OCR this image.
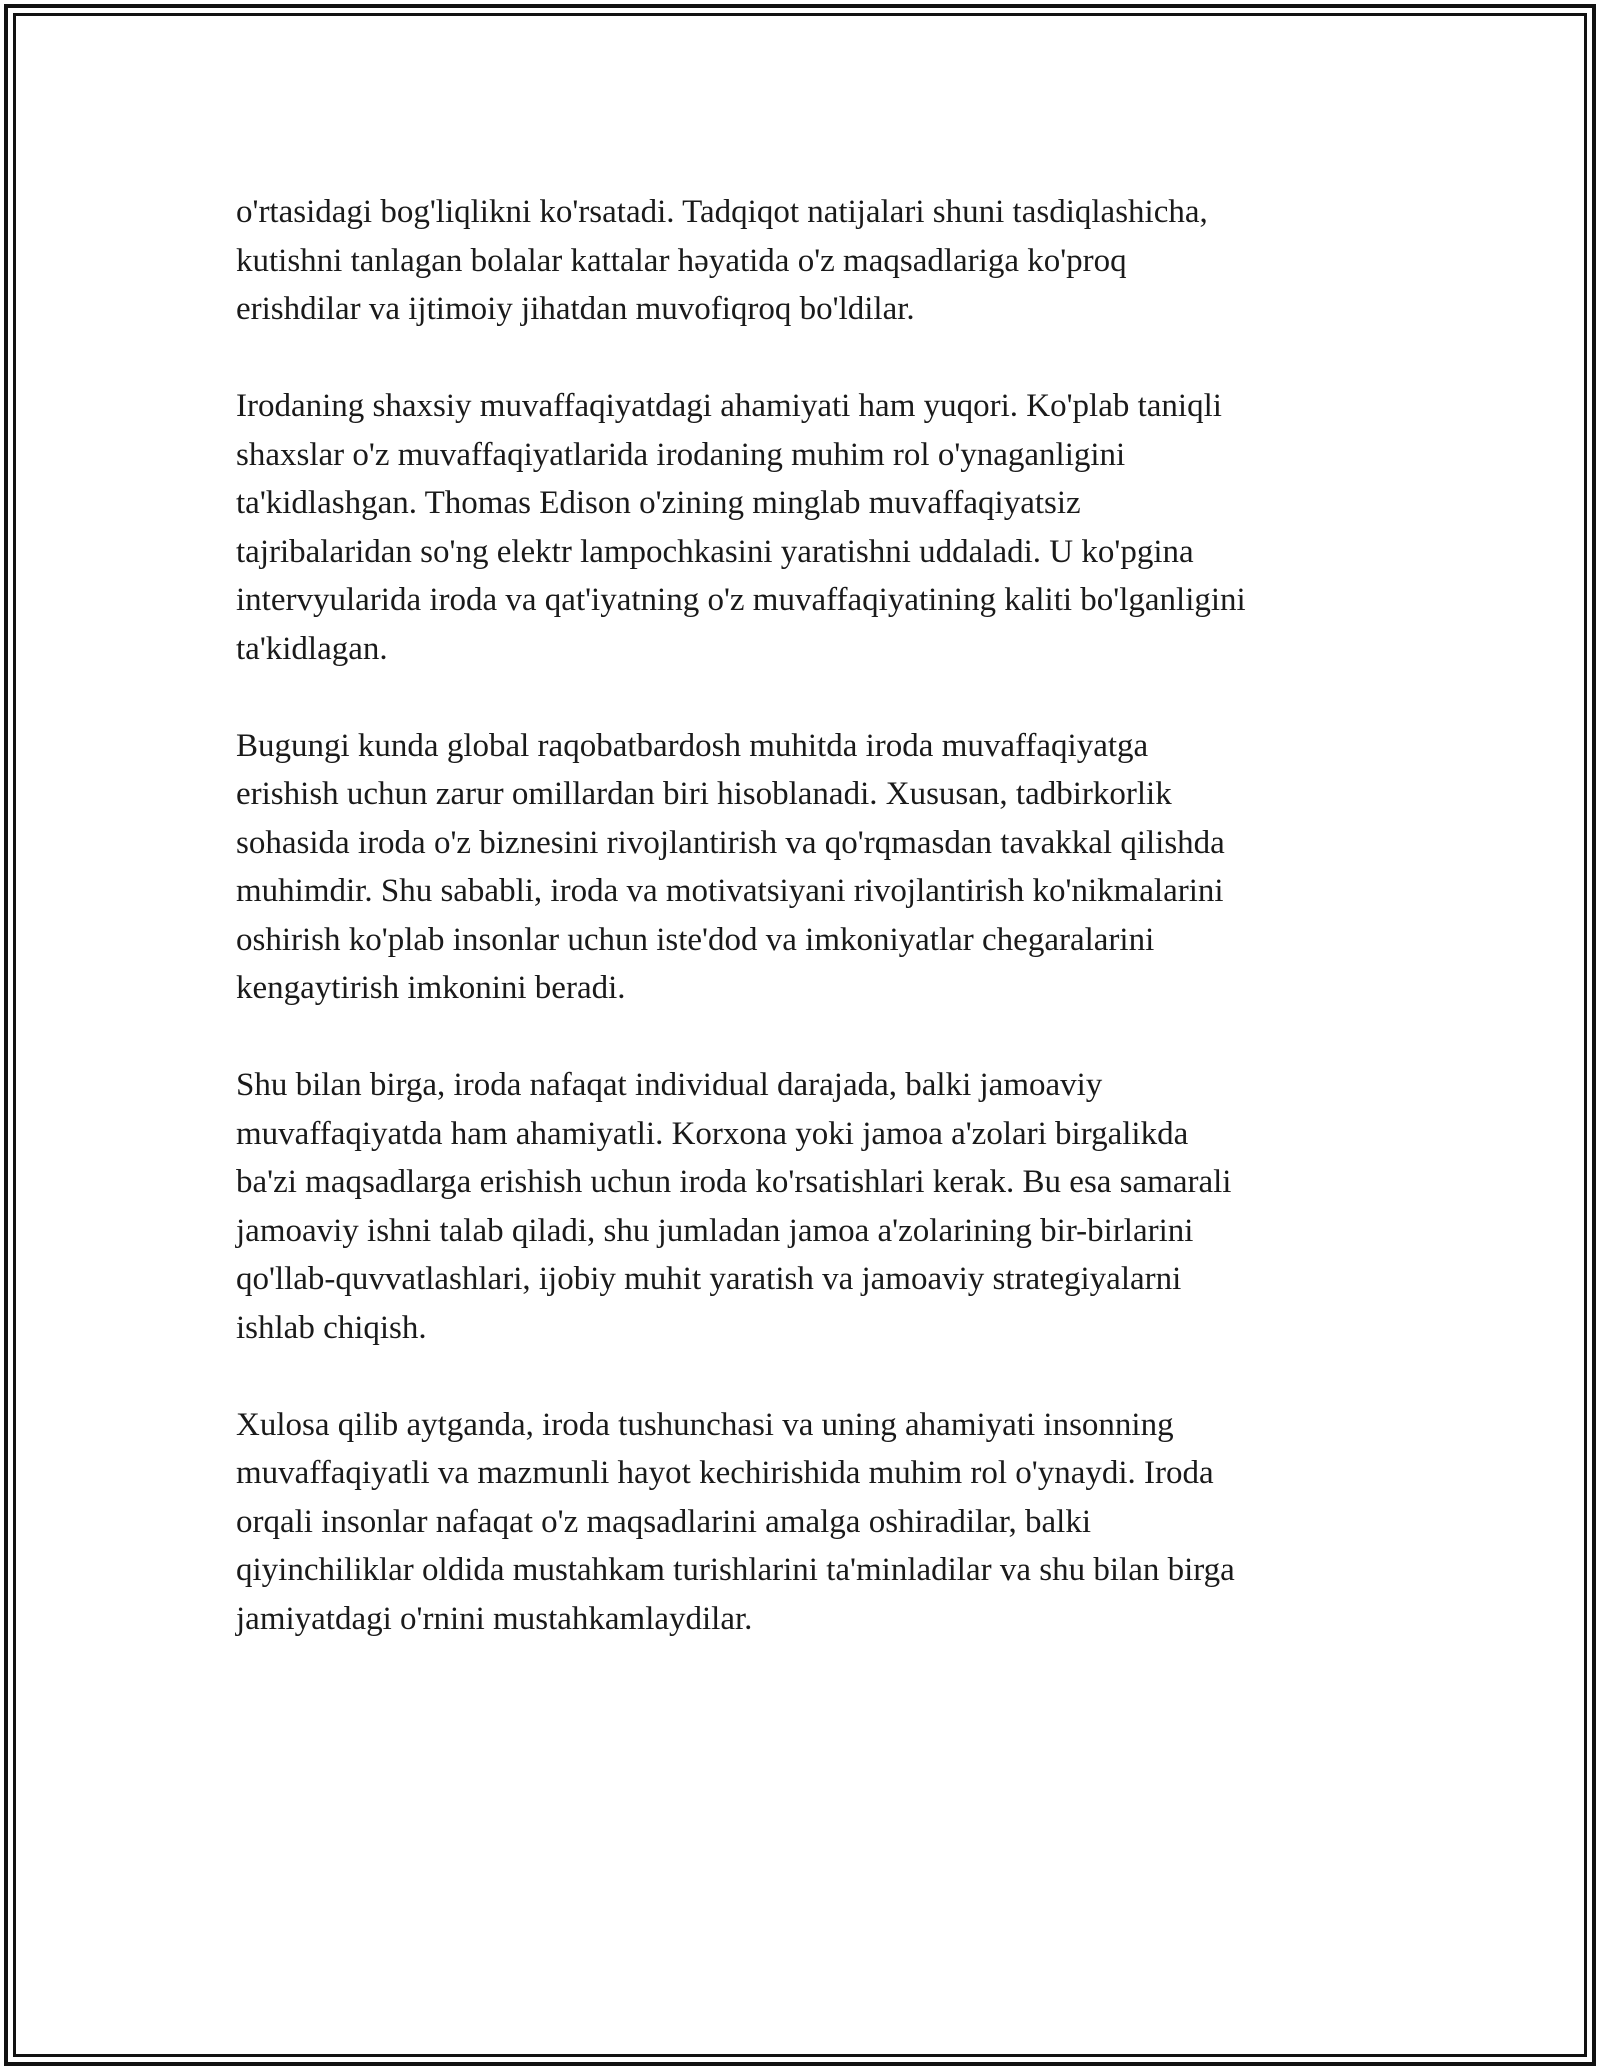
o'rtasidagi bog'liqlikni ko'rsatadi. Tadqiqot natijalari shuni tasdiqlashicha,
kutishni tanlagan bolalar kattalar həyatida o'z maqsadlariga ko'proq
erishdilar va ijtimoiy jihatdan muvofiqroq bo'ldilar.

Irodaning shaxsiy muvaffaqiyatdagi ahamiyati ham yuqori. Ko'plab taniqli
shaxslar o'z muvaffaqiyatlarida irodaning muhim rol o'ynaganligini
ta'kidlashgan. Thomas Edison o'zining minglab muvaffaqiyatsiz
tajribalaridan so'ng elektr lampochkasini yaratishni uddaladi. U ko'pgina
intervyularida iroda va qat'iyatning o'z muvaffaqiyatining kaliti bo'lganligini
ta'kidlagan.

Bugungi kunda global raqobatbardosh muhitda iroda muvaffaqiyatga
erishish uchun zarur omillardan biri hisoblanadi. Xususan, tadbirkorlik
sohasida iroda o'z biznesini rivojlantirish va qo'rqmasdan tavakkal qilishda
muhimdir. Shu sababli, iroda va motivatsiyani rivojlantirish ko'nikmalarini
oshirish ko'plab insonlar uchun iste'dod va imkoniyatlar chegaralarini
kengaytirish imkonini beradi.

Shu bilan birga, iroda nafaqat individual darajada, balki jamoaviy
muvaffaqiyatda ham ahamiyatli. Korxona yoki jamoa a'zolari birgalikda
ba'zi maqsadlarga erishish uchun iroda ko'rsatishlari kerak. Bu esa samarali
jamoaviy ishni talab qiladi, shu jumladan jamoa a'zolarining bir-birlarini
qo'llab-quvvatlashlari, ijobiy muhit yaratish va jamoaviy strategiyalarni
ishlab chiqish.

Xulosa qilib aytganda, iroda tushunchasi va uning ahamiyati insonning
muvaffaqiyatli va mazmunli hayot kechirishida muhim rol o'ynaydi. Iroda
orqali insonlar nafaqat o'z maqsadlarini amalga oshiradilar, balki
qiyinchiliklar oldida mustahkam turishlarini ta'minladilar va shu bilan birga
jamiyatdagi o'rnini mustahkamlaydilar.
